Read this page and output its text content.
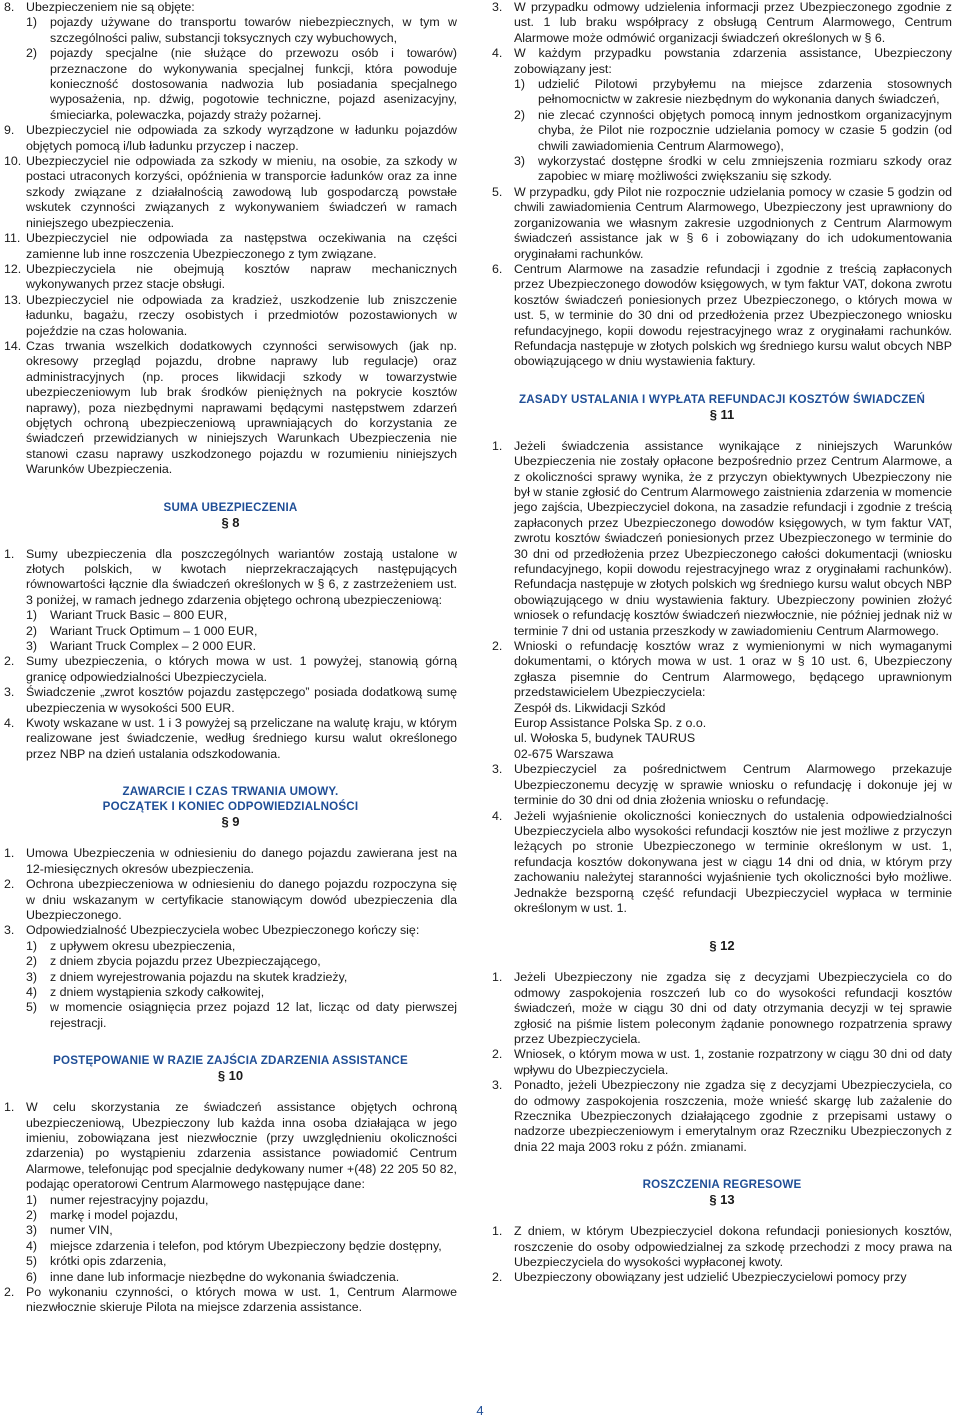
8. Ubezpieczeniem nie są objęte:
1)	pojazdy używane do transportu towarów niebezpiecznych, w tym w szczególności paliw, substancji toksycznych czy wybuchowych,
2)	pojazdy specjalne (nie służące do przewozu osób i towarów) przeznaczone do wykonywania specjalnej funkcji, która powoduje konieczność dostosowania nadwozia lub posiadania specjalnego wyposażenia, np. dźwig, pogotowie techniczne, pojazd asenizacyjny, śmieciarka, polewaczka, pojazdy straży pożarnej.
9. Ubezpieczyciel nie odpowiada za szkody wyrządzone w ładunku pojazdów objętych pomocą i/lub ładunku przyczep i naczep.
10. Ubezpieczyciel nie odpowiada za szkody w mieniu, na osobie, za szkody w postaci utraconych korzyści, opóźnienia w transporcie ładunków oraz za inne szkody związane z działalnością zawodową lub gospodarczą powstałe wskutek czynności związanych z wykonywaniem świadczeń w ramach niniejszego ubezpieczenia.
11. Ubezpieczyciel nie odpowiada za następstwa oczekiwania na części zamienne lub inne roszczenia Ubezpieczonego z tym związane.
12. Ubezpieczyciela nie obejmują kosztów napraw mechanicznych wykonywanych przez stacje obsługi.
13. Ubezpieczyciel nie odpowiada za kradzież, uszkodzenie lub zniszczenie ładunku, bagażu, rzeczy osobistych i przedmiotów pozostawionych w pojeździe na czas holowania.
14. Czas trwania wszelkich dodatkowych czynności serwisowych (jak np. okresowy przegląd pojazdu, drobne naprawy lub regulacje) oraz administracyjnych (np. proces likwidacji szkody w towarzystwie ubezpieczeniowym lub brak środków pieniężnych na pokrycie kosztów naprawy), poza niezbędnymi naprawami będącymi następstwem zdarzeń objętych ochroną ubezpieczeniową uprawniających do korzystania ze świadczeń przewidzianych w niniejszych Warunkach Ubezpieczenia nie stanowi czasu naprawy uszkodzonego pojazdu w rozumieniu niniejszych Warunków Ubezpieczenia.
SUMA UBEZPIECZENIA
§ 8
1. Sumy ubezpieczenia dla poszczególnych wariantów zostają ustalone w złotych polskich, w kwotach nieprzekraczających następujących równowartości łącznie dla świadczeń określonych w § 6, z zastrzeżeniem ust. 3 poniżej, w ramach jednego zdarzenia objętego ochroną ubezpieczeniową:
1)	Wariant Truck Basic – 800 EUR,
2)	Wariant Truck Optimum – 1 000 EUR,
3)	Wariant Truck Complex – 2 000 EUR.
2. Sumy ubezpieczenia, o których mowa w ust. 1 powyżej, stanowią górną granicę odpowiedzialności Ubezpieczyciela.
3. Świadczenie „zwrot kosztów pojazdu zastępczego” posiada dodatkową sumę ubezpieczenia w wysokości 500 EUR.
4. Kwoty wskazane w ust. 1 i 3 powyżej są przeliczane na walutę kraju, w którym realizowane jest świadczenie, według średniego kursu walut określonego przez NBP na dzień ustalania odszkodowania.
ZAWARCIE I CZAS TRWANIA UMOWY.
POCZĄTEK I KONIEC ODPOWIEDZIALNOŚCI
§ 9
1. Umowa Ubezpieczenia w odniesieniu do danego pojazdu zawierana jest na 12-miesięcznych okresów ubezpieczenia.
2. Ochrona ubezpieczeniowa w odniesieniu do danego pojazdu rozpoczyna się w dniu wskazanym w certyfikacie stanowiącym dowód ubezpieczenia dla Ubezpieczonego.
3. Odpowiedzialność Ubezpieczyciela wobec Ubezpieczonego kończy się:
1)	z upływem okresu ubezpieczenia,
2)	z dniem zbycia pojazdu przez Ubezpieczającego,
3)	z dniem wyrejestrowania pojazdu na skutek kradzieży,
4)	z dniem wystąpienia szkody całkowitej,
5)	w momencie osiągnięcia przez pojazd 12 lat, licząc od daty pierwszej rejestracji.
POSTĘPOWANIE W RAZIE ZAJŚCIA ZDARZENIA ASSISTANCE
§ 10
1. W celu skorzystania ze świadczeń assistance objętych ochroną ubezpieczeniową, Ubezpieczony lub każda inna osoba działająca w jego imieniu, zobowiązana jest niezwłocznie (przy uwzględnieniu okoliczności zdarzenia) po wystąpieniu zdarzenia assistance powiadomić Centrum Alarmowe, telefonując pod specjalnie dedykowany numer +(48) 22 205 50 82, podając operatorowi Centrum Alarmowego następujące dane:
1)	numer rejestracyjny pojazdu,
2)	markę i model pojazdu,
3)	numer VIN,
4)	miejsce zdarzenia i telefon, pod którym Ubezpieczony będzie dostępny,
5)	krótki opis zdarzenia,
6)	inne dane lub informacje niezbędne do wykonania świadczenia.
2. Po wykonaniu czynności, o których mowa w ust. 1, Centrum Alarmowe niezwłocznie skieruje Pilota na miejsce zdarzenia assistance.
3. W przypadku odmowy udzielenia informacji przez Ubezpieczonego zgodnie z ust. 1 lub braku współpracy z obsługą Centrum Alarmowego, Centrum Alarmowe może odmówić organizacji świadczeń określonych w § 6.
4. W każdym przypadku powstania zdarzenia assistance, Ubezpieczony zobowiązany jest:
1)	udzielić Pilotowi przybyłemu na miejsce zdarzenia stosownych pełnomocnictw w zakresie niezbędnym do wykonania danych świadczeń,
2)	nie zlecać czynności objętych pomocą innym jednostkom organizacyjnym chyba, że Pilot nie rozpocznie udzielania pomocy w czasie 5 godzin (od chwili zawiadomienia Centrum Alarmowego),
3)	wykorzystać dostępne środki w celu zmniejszenia rozmiaru szkody oraz zapobiec w miarę możliwości zwiększaniu się szkody.
5. W przypadku, gdy Pilot nie rozpocznie udzielania pomocy w czasie 5 godzin od chwili zawiadomienia Centrum Alarmowego, Ubezpieczony jest uprawniony do zorganizowania we własnym zakresie uzgodnionych z Centrum Alarmowym świadczeń assistance jak w § 6 i zobowiązany do ich udokumentowania oryginałami rachunków.
6. Centrum Alarmowe na zasadzie refundacji i zgodnie z treścią zapłaconych przez Ubezpieczonego dowodów księgowych, w tym faktur VAT, dokona zwrotu kosztów świadczeń poniesionych przez Ubezpieczonego, o których mowa w ust. 5, w terminie do 30 dni od przedłożenia przez Ubezpieczonego wniosku refundacyjnego, kopii dowodu rejestracyjnego wraz z oryginałami rachunków. Refundacja następuje w złotych polskich wg średniego kursu walut obcych NBP obowiązującego w dniu wystawienia faktury.
ZASADY USTALANIA I WYPŁATA REFUNDACJI KOSZTÓW ŚWIADCZEŃ
§ 11
1. Jeżeli świadczenia assistance wynikające z niniejszych Warunków Ubezpieczenia nie zostały opłacone bezpośrednio przez Centrum Alarmowe, a z okoliczności sprawy wynika, że z przyczyn obiektywnych Ubezpieczony nie był w stanie zgłosić do Centrum Alarmowego zaistnienia zdarzenia w momencie jego zajścia, Ubezpieczyciel dokona, na zasadzie refundacji i zgodnie z treścią zapłaconych przez Ubezpieczonego dowodów księgowych, w tym faktur VAT, zwrotu kosztów świadczeń poniesionych przez Ubezpieczonego w terminie do 30 dni od przedłożenia przez Ubezpieczonego całości dokumentacji (wniosku refundacyjnego, kopii dowodu rejestracyjnego wraz z oryginałami rachunków). Refundacja następuje w złotych polskich wg średniego kursu walut obcych NBP obowiązującego w dniu wystawienia faktury. Ubezpieczony powinien złożyć wniosek o refundację kosztów świadczeń niezwłocznie, nie później jednak niż w terminie 7 dni od ustania przeszkody w zawiadomieniu Centrum Alarmowego.
2. Wnioski o refundację kosztów wraz z wymienionymi w nich wymaganymi dokumentami, o których mowa w ust. 1 oraz w § 10 ust. 6, Ubezpieczony zgłasza pisemnie do Centrum Alarmowego, będącego uprawnionym przedstawicielem Ubezpieczyciela:
Zespół ds. Likwidacji Szkód
Europ Assistance Polska Sp. z o.o.
ul. Wołoska 5, budynek TAURUS
02-675 Warszawa
3. Ubezpieczyciel za pośrednictwem Centrum Alarmowego przekazuje Ubezpieczonemu decyzję w sprawie wniosku o refundację i dokonuje jej w terminie do 30 dni od dnia złożenia wniosku o refundację.
4. Jeżeli wyjaśnienie okoliczności koniecznych do ustalenia odpowiedzialności Ubezpieczyciela albo wysokości refundacji kosztów nie jest możliwe z przyczyn leżących po stronie Ubezpieczonego w terminie określonym w ust. 1, refundacja kosztów dokonywana jest w ciągu 14 dni od dnia, w którym przy zachowaniu należytej staranności wyjaśnienie tych okoliczności było możliwe. Jednakże bezsporną część refundacji Ubezpieczyciel wypłaca w terminie określonym w ust. 1.
§ 12
1. Jeżeli Ubezpieczony nie zgadza się z decyzjami Ubezpieczyciela co do odmowy zaspokojenia roszczeń lub co do wysokości refundacji kosztów świadczeń, może w ciągu 30 dni od daty otrzymania decyzji w tej sprawie zgłosić na piśmie listem poleconym żądanie ponownego rozpatrzenia sprawy przez Ubezpieczyciela.
2. Wniosek, o którym mowa w ust. 1, zostanie rozpatrzony w ciągu 30 dni od daty wpływu do Ubezpieczyciela.
3. Ponadto, jeżeli Ubezpieczony nie zgadza się z decyzjami Ubezpieczyciela, co do odmowy zaspokojenia roszczenia, może wnieść skargę lub zażalenie do Rzecznika Ubezpieczonych działającego zgodnie z przepisami ustawy o nadzorze ubezpieczeniowym i emerytalnym oraz Rzeczniku Ubezpieczonych z dnia 22 maja 2003 roku z późn. zmianami.
ROSZCZENIA REGRESOWE
§ 13
1. Z dniem, w którym Ubezpieczyciel dokona refundacji poniesionych kosztów, roszczenie do osoby odpowiedzialnej za szkodę przechodzi z mocy prawa na Ubezpieczyciela do wysokości wypłaconej kwoty.
2. Ubezpieczony obowiązany jest udzielić Ubezpieczycielowi pomocy przy
4
